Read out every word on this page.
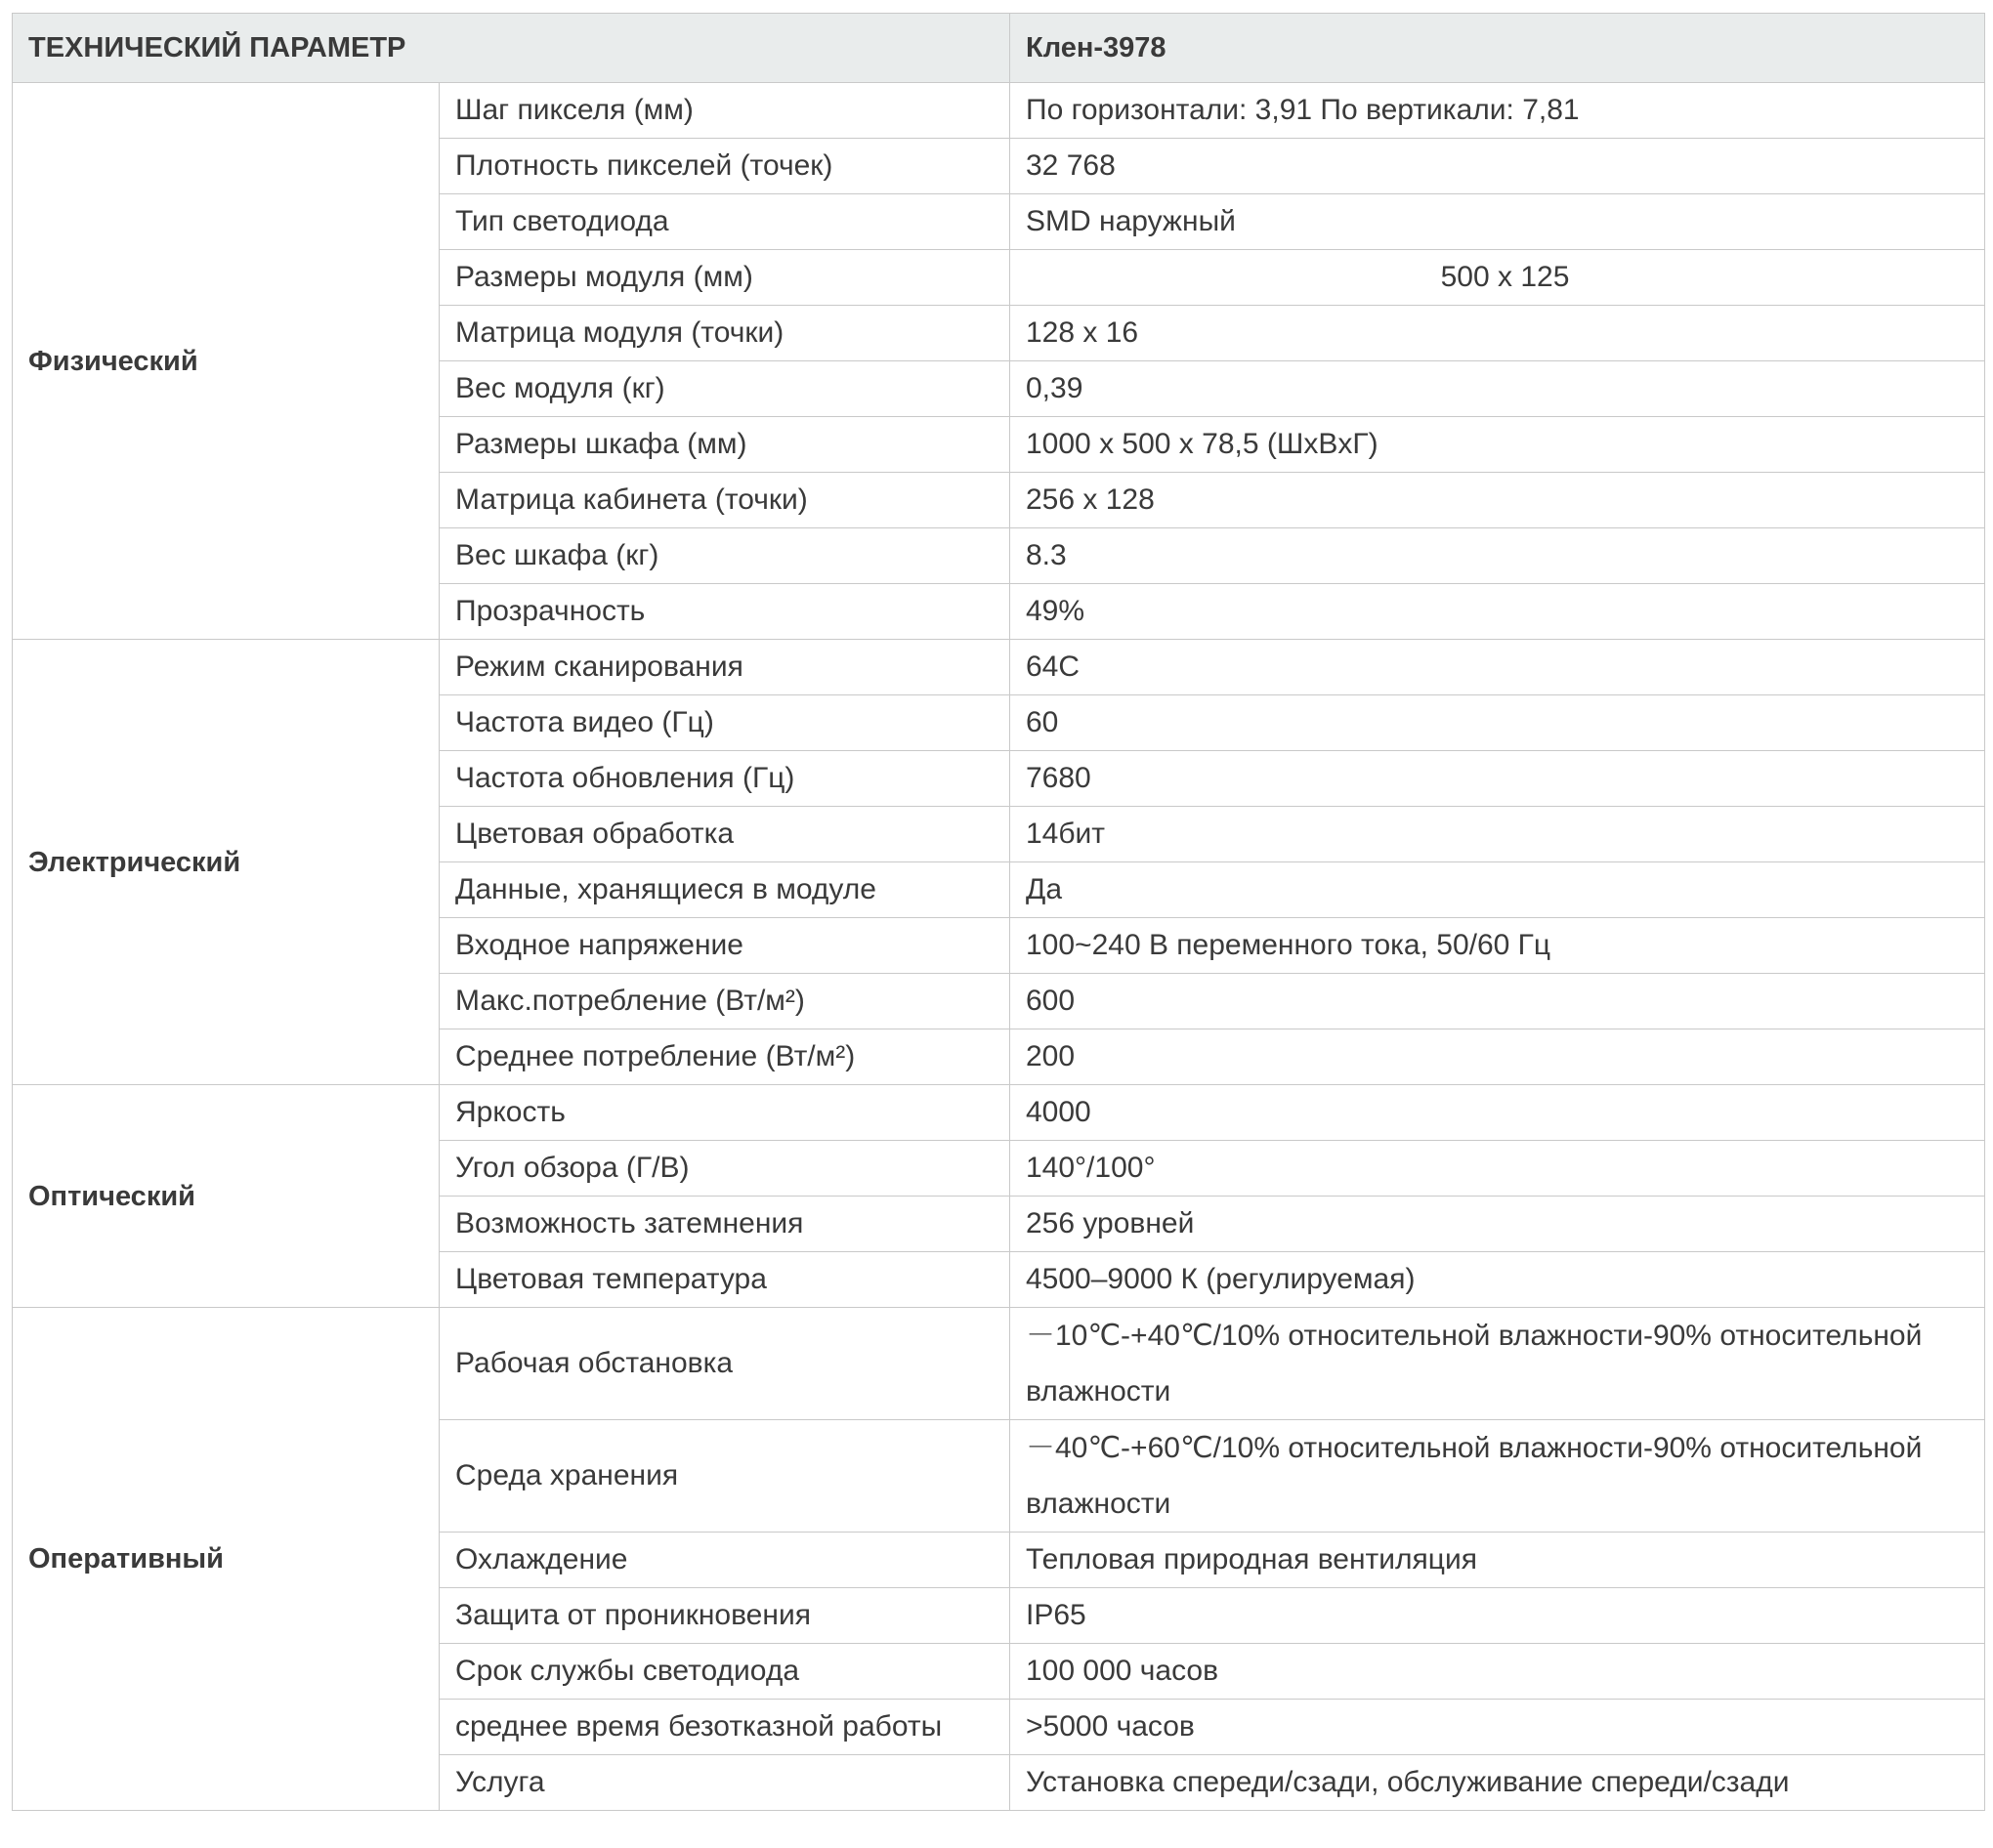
ТЕХНИЧЕСКИЙ ПАРАМЕТР		Клен-3978
Физический	Шаг пикселя (мм)	По горизонтали: 3,91 По вертикали: 7,81
	Плотность пикселей (точек)	32 768
	Тип светодиода	SMD наружный
	Размеры модуля (мм)	500 x 125
	Матрица модуля (точки)	128 x 16
	Вес модуля (кг)	0,39
	Размеры шкафа (мм)	1000 x 500 x 78,5 (ШxВxГ)
	Матрица кабинета (точки)	256 x 128
	Вес шкафа (кг)	8.3
	Прозрачность	49%
Электрический	Режим сканирования	64С
	Частота видео (Гц)	60
	Частота обновления (Гц)	7680
	Цветовая обработка	14бит
	Данные, хранящиеся в модуле	Да
	Входное напряжение	100~240 В переменного тока, 50/60 Гц
	Макс.потребление (Вт/м²)	600
	Среднее потребление (Вт/м²)	200
Оптический	Яркость	4000
	Угол обзора (Г/В)	140°/100°
	Возможность затемнения	256 уровней
	Цветовая температура	4500–9000 К (регулируемая)
Оперативный	Рабочая обстановка	－10℃-+40℃/10% относительной влажности-90% относительной влажности
	Среда хранения	－40℃-+60℃/10% относительной влажности-90% относительной влажности
	Охлаждение	Тепловая природная вентиляция
	Защита от проникновения	IP65
	Срок службы светодиода	100 000 часов
	среднее время безотказной работы	>5000 часов
	Услуга	Установка спереди/сзади, обслуживание спереди/сзади
